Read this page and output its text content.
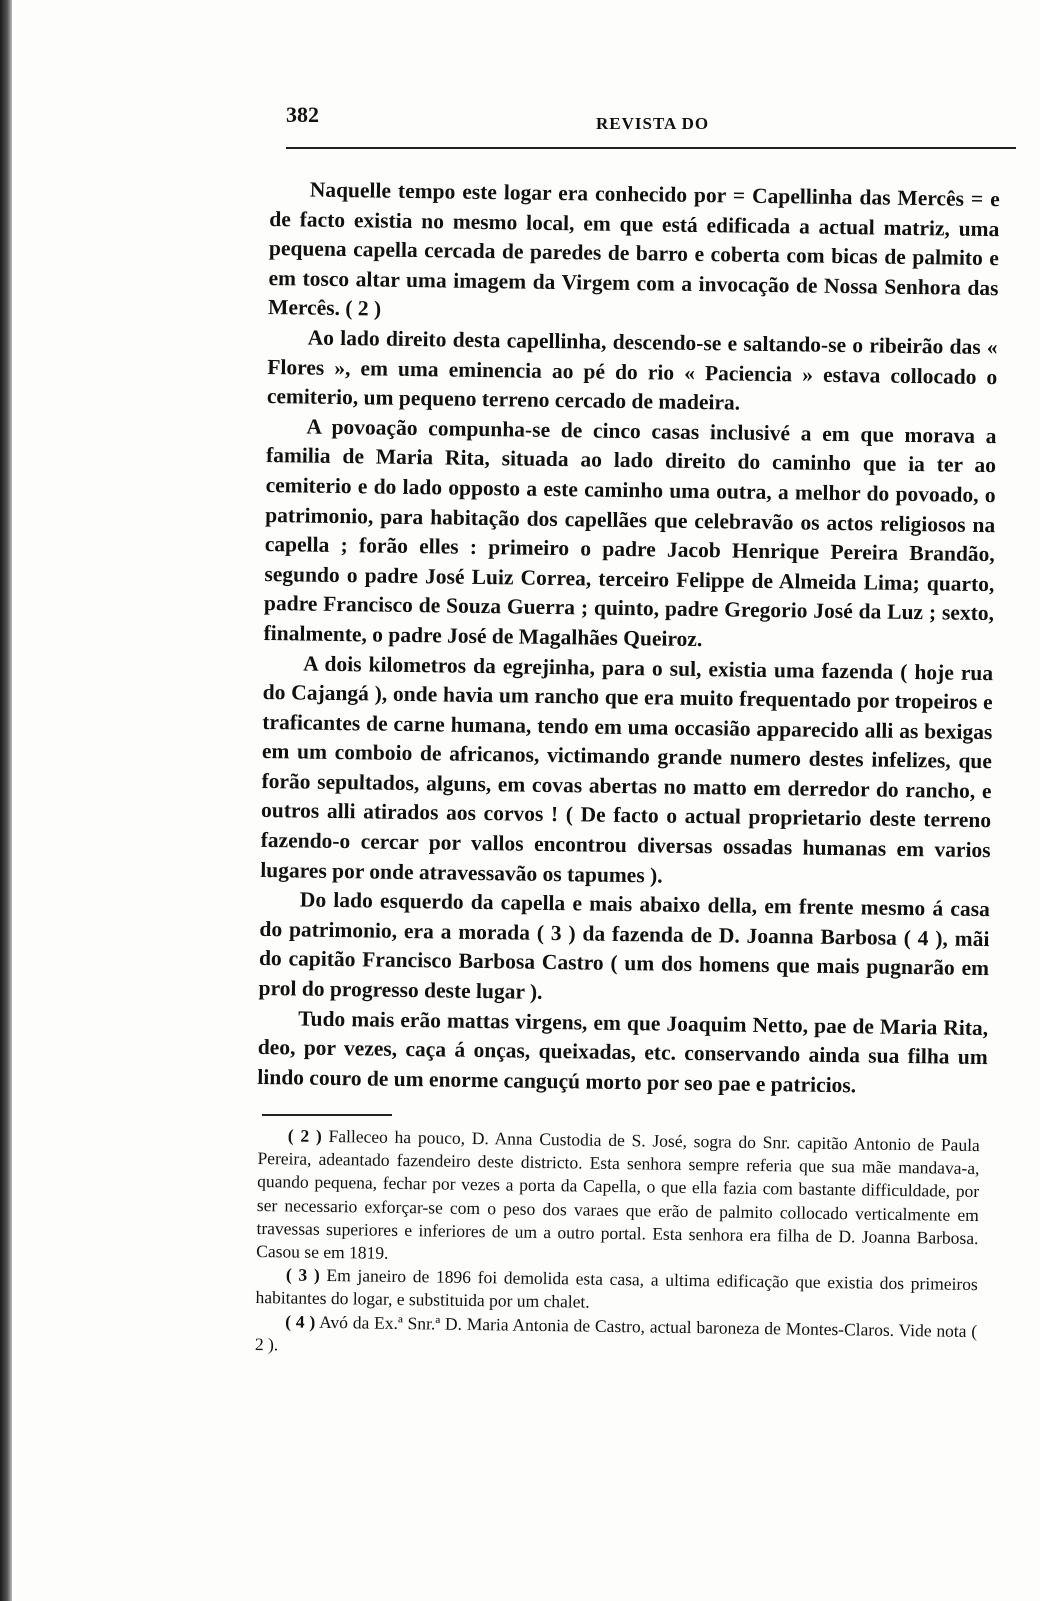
382	REVISTA DO

Naquelle tempo este logar era conhecido por = Capellinha das Mercês = e de facto existia no mesmo local, em que está edificada a actual matriz, uma pequena capella cercada de paredes de barro e coberta com bicas de palmito e em tosco altar uma imagem da Virgem com a invocação de Nossa Senhora das Mercês. ( 2 )

Ao lado direito desta capellinha, descendo-se e saltando-se o ribeirão das « Flores », em uma eminencia ao pé do rio « Paciencia » estava collocado o cemiterio, um pequeno terreno cercado de madeira.

A povoação compunha-se de cinco casas inclusivé a em que morava a familia de Maria Rita, situada ao lado direito do caminho que ia ter ao cemiterio e do lado opposto a este caminho uma outra, a melhor do povoado, o patrimonio, para habitação dos capellães que celebravão os actos religiosos na capella ; forão elles : primeiro o padre Jacob Henrique Pereira Brandão, segundo o padre José Luiz Correa, terceiro Felippe de Almeida Lima; quarto, padre Francisco de Souza Guerra ; quinto, padre Gregorio José da Luz ; sexto, finalmente, o padre José de Magalhães Queiroz.

A dois kilometros da egrejinha, para o sul, existia uma fazenda ( hoje rua do Cajangá ), onde havia um rancho que era muito frequentado por tropeiros e traficantes de carne humana, tendo em uma occasião apparecido alli as bexigas em um comboio de africanos, victimando grande numero destes infelizes, que forão sepultados, alguns, em covas abertas no matto em derredor do rancho, e outros alli atirados aos corvos ! ( De facto o actual proprietario deste terreno fazendo-o cercar por vallos encontrou diversas ossadas humanas em varios lugares por onde atravessavão os tapumes ).

Do lado esquerdo da capella e mais abaixo della, em frente mesmo á casa do patrimonio, era a morada ( 3 ) da fazenda de D. Joanna Barbosa ( 4 ), mãi do capitão Francisco Barbosa Castro ( um dos homens que mais pugnarão em prol do progresso deste lugar ).

Tudo mais erão mattas virgens, em que Joaquim Netto, pae de Maria Rita, deo, por vezes, caça á onças, queixadas, etc. conservando ainda sua filha um lindo couro de um enorme canguçú morto por seo pae e patricios.

( 2 ) Falleceo ha pouco, D. Anna Custodia de S. José, sogra do Snr. capitão Antonio de Paula Pereira, adeantado fazendeiro deste districto. Esta senhora sempre referia que sua mãe mandava-a, quando pequena, fechar por vezes a porta da Capella, o que ella fazia com bastante difficuldade, por ser necessario exforçar-se com o peso dos varaes que erão de palmito collocado verticalmente em travessas superiores e inferiores de um a outro portal. Esta senhora era filha de D. Joanna Barbosa. Casou se em 1819.

( 3 ) Em janeiro de 1896 foi demolida esta casa, a ultima edificação que existia dos primeiros habitantes do logar, e substituida por um chalet.

( 4 ) Avó da Ex.ª Snr.ª D. Maria Antonia de Castro, actual baroneza de Montes-Claros. Vide nota ( 2 ).
